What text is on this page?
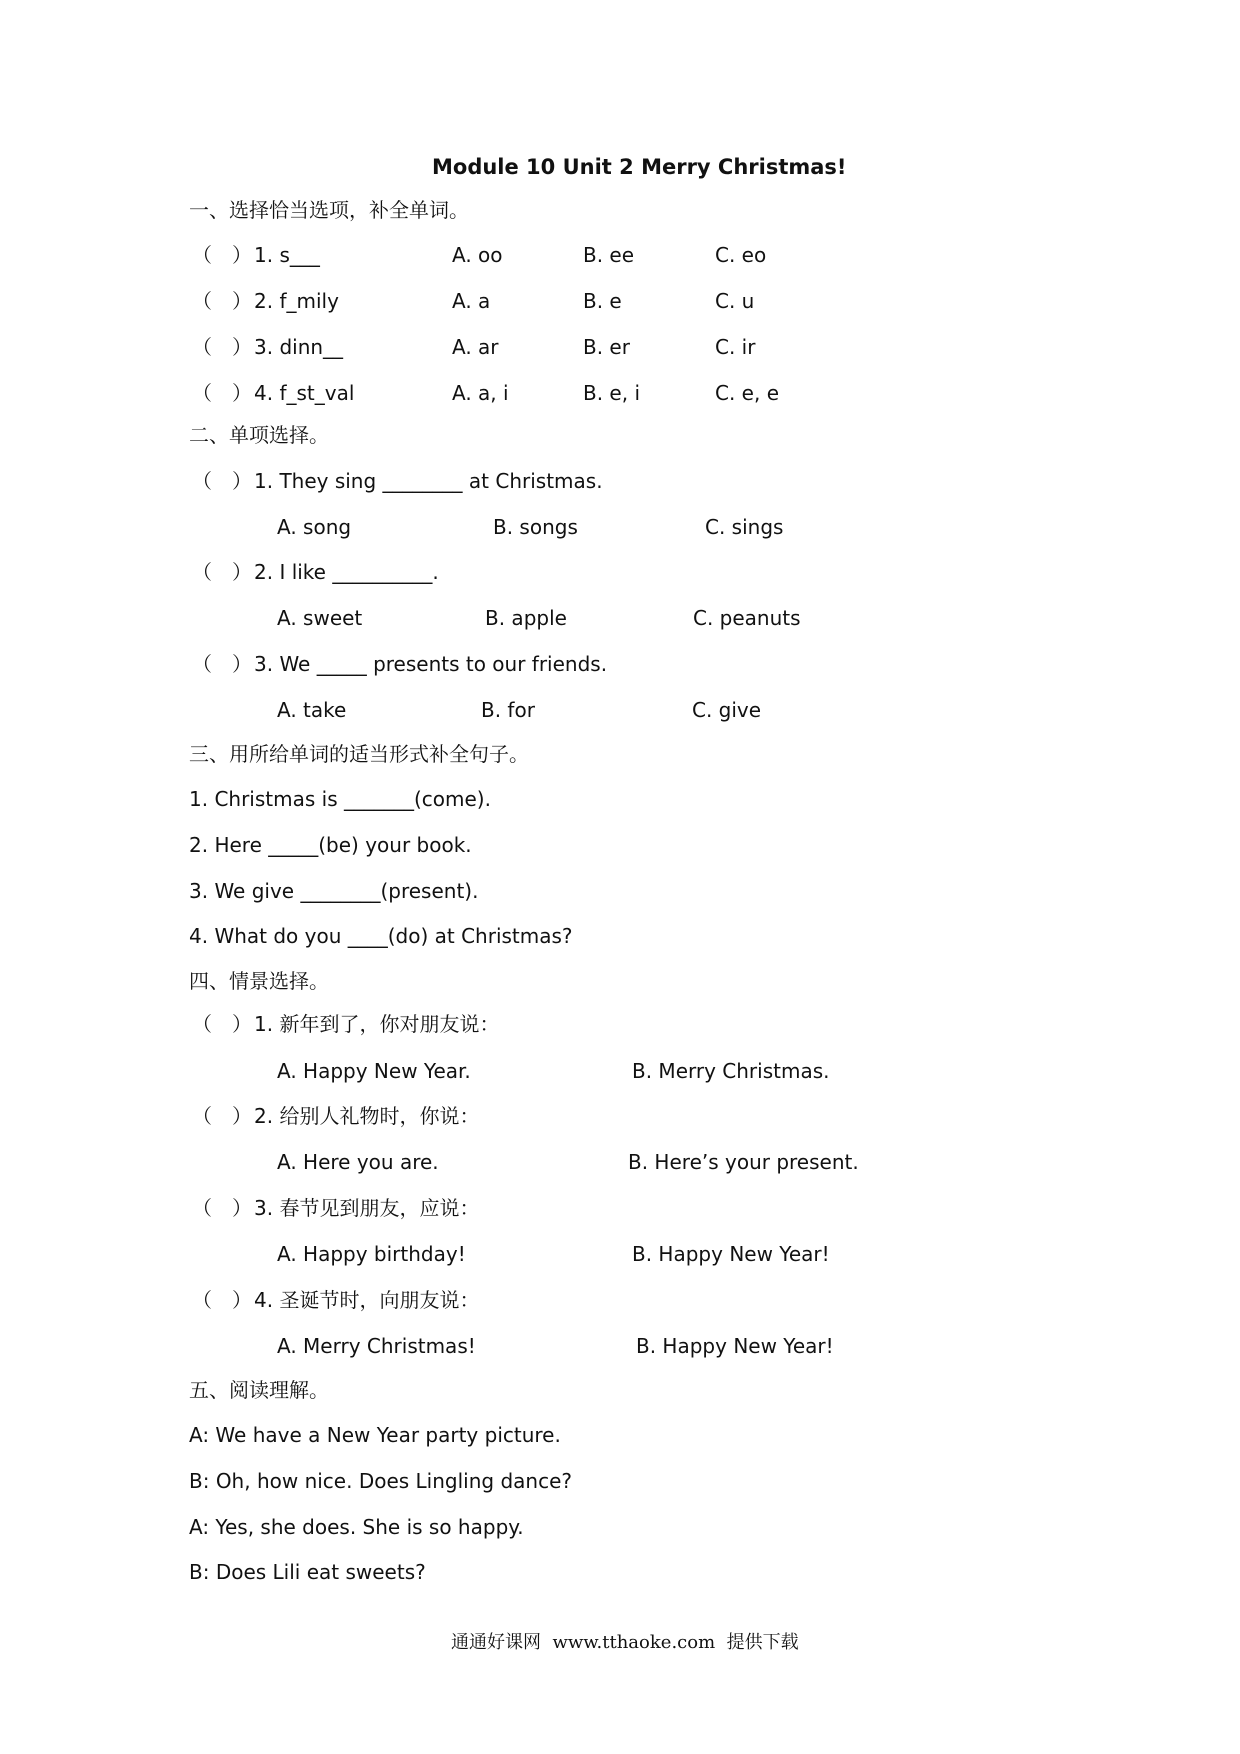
Module 10 Unit 2 Merry Christmas!
一、选择恰当选项，补全单词。
（　） 1. s___	A. oo	B. ee	C. eo
（　） 2. f_mily	A. a	B. e	C. u
（　） 3. dinn__	A. ar	B. er	C. ir
（　） 4. f_st_val	A. a, i	B. e, i	C. e, e
二、单项选择。
（　） 1. They sing ________ at Christmas.
A. song	B. songs	C. sings
（　） 2. I like __________.
A. sweet	B. apple	C. peanuts
（　） 3. We _____ presents to our friends.
A. take	B. for	C. give
三、用所给单词的适当形式补全句子。
1. Christmas is _______(come).
2. Here _____(be) your book.
3. We give ________(present).
4. What do you ____(do) at Christmas?
四、情景选择。
（　） 1. 新年到了，你对朋友说：
A. Happy New Year.	B. Merry Christmas.
（　） 2. 给别人礼物时，你说：
A. Here you are.	B. Here’s your present.
（　） 3. 春节见到朋友，应说：
A. Happy birthday!	B. Happy New Year!
（　） 4. 圣诞节时，向朋友说：
A. Merry Christmas!	B. Happy New Year!
五、阅读理解。
A: We have a New Year party picture.
B: Oh, how nice. Does Lingling dance?
A: Yes, she does. She is so happy.
B: Does Lili eat sweets?
通通好课网  www.tthaoke.com  提供下载
